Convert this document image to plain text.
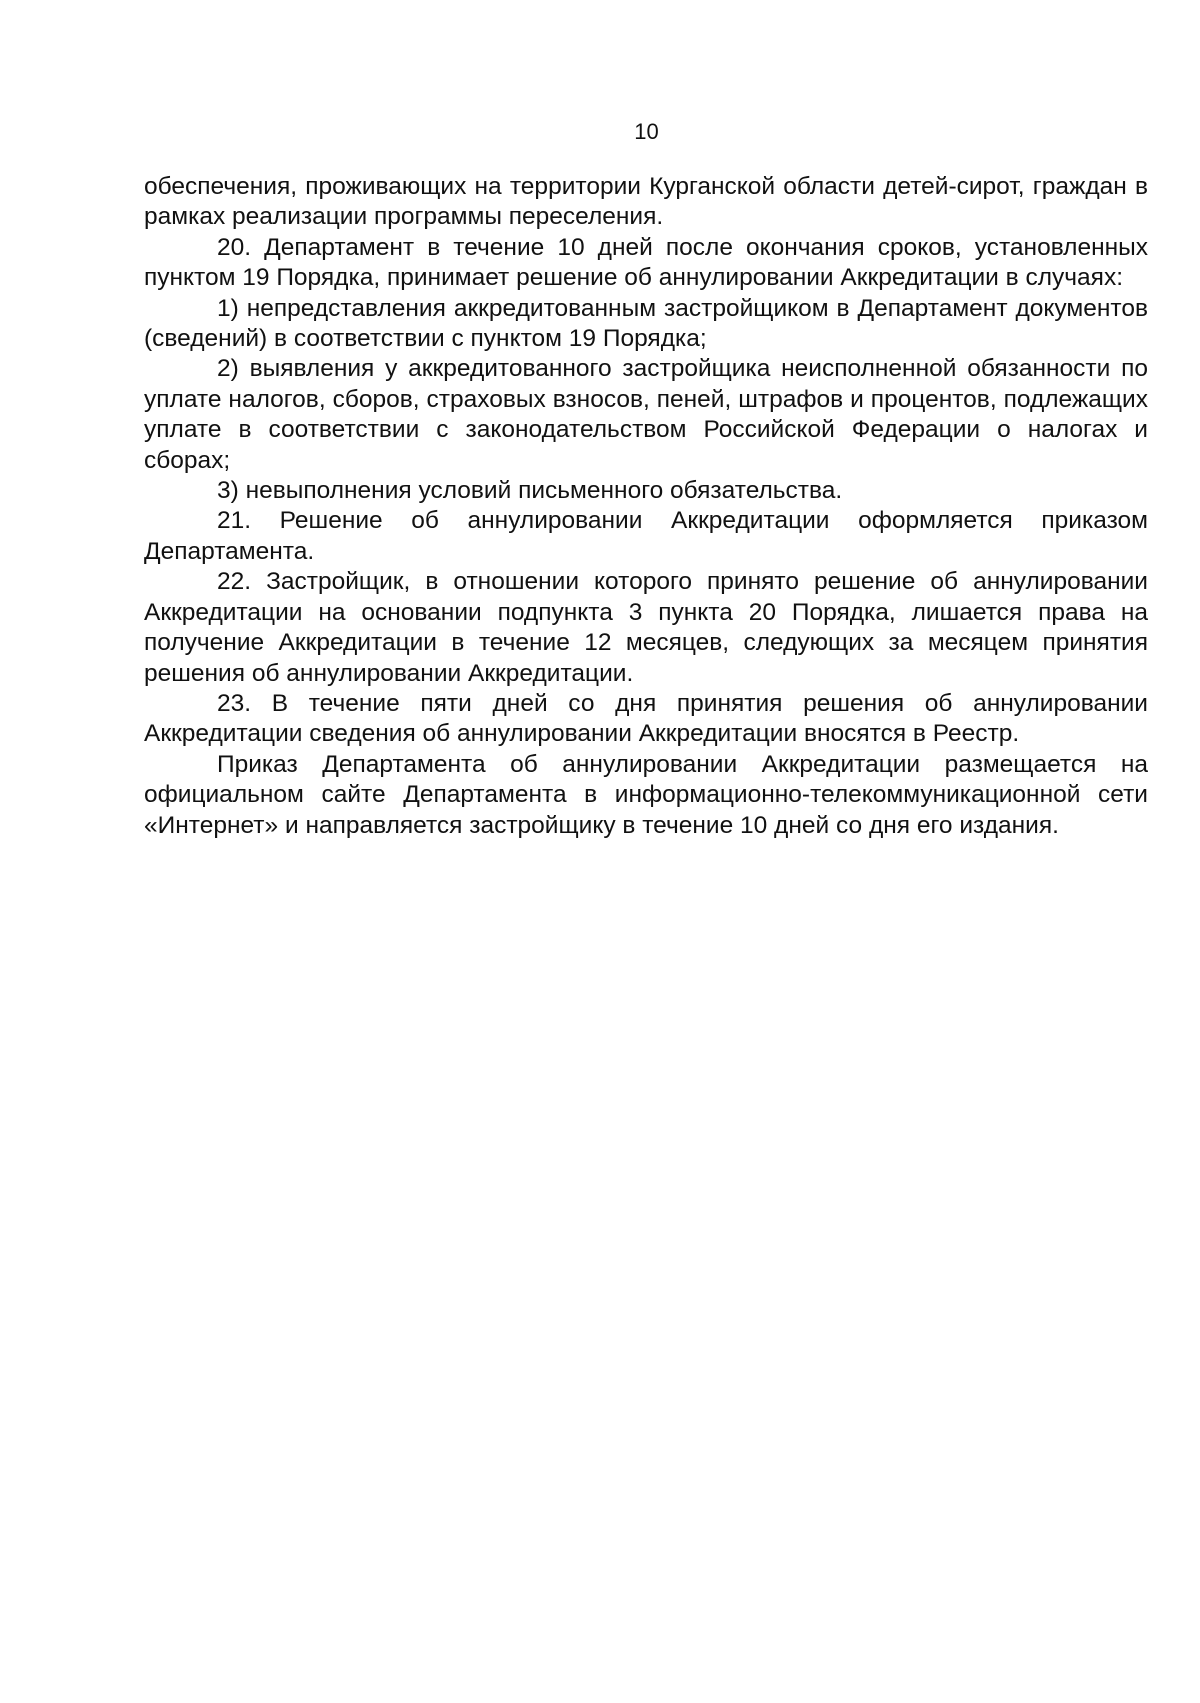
10

обеспечения, проживающих на территории Курганской области детей-сирот, граждан в рамках реализации программы переселения.

20. Департамент в течение 10 дней после окончания сроков, установленных пунктом 19 Порядка, принимает решение об аннулировании Аккредитации в случаях:

1) непредставления аккредитованным застройщиком в Департамент документов (сведений) в соответствии с пунктом 19 Порядка;

2) выявления у аккредитованного застройщика неисполненной обязанности по уплате налогов, сборов, страховых взносов, пеней, штрафов и процентов, подлежащих уплате в соответствии с законодательством Российской Федерации о налогах и сборах;

3) невыполнения условий письменного обязательства.

21. Решение об аннулировании Аккредитации оформляется приказом Департамента.

22. Застройщик, в отношении которого принято решение об аннулировании Аккредитации на основании подпункта 3 пункта 20 Порядка, лишается права на получение Аккредитации в течение 12 месяцев, следующих за месяцем принятия решения об аннулировании Аккредитации.

23. В течение пяти дней со дня принятия решения об аннулировании Аккредитации сведения об аннулировании Аккредитации вносятся в Реестр.

Приказ Департамента об аннулировании Аккредитации размещается на официальном сайте Департамента в информационно-телекоммуникационной сети «Интернет» и направляется застройщику в течение 10 дней со дня его издания.
